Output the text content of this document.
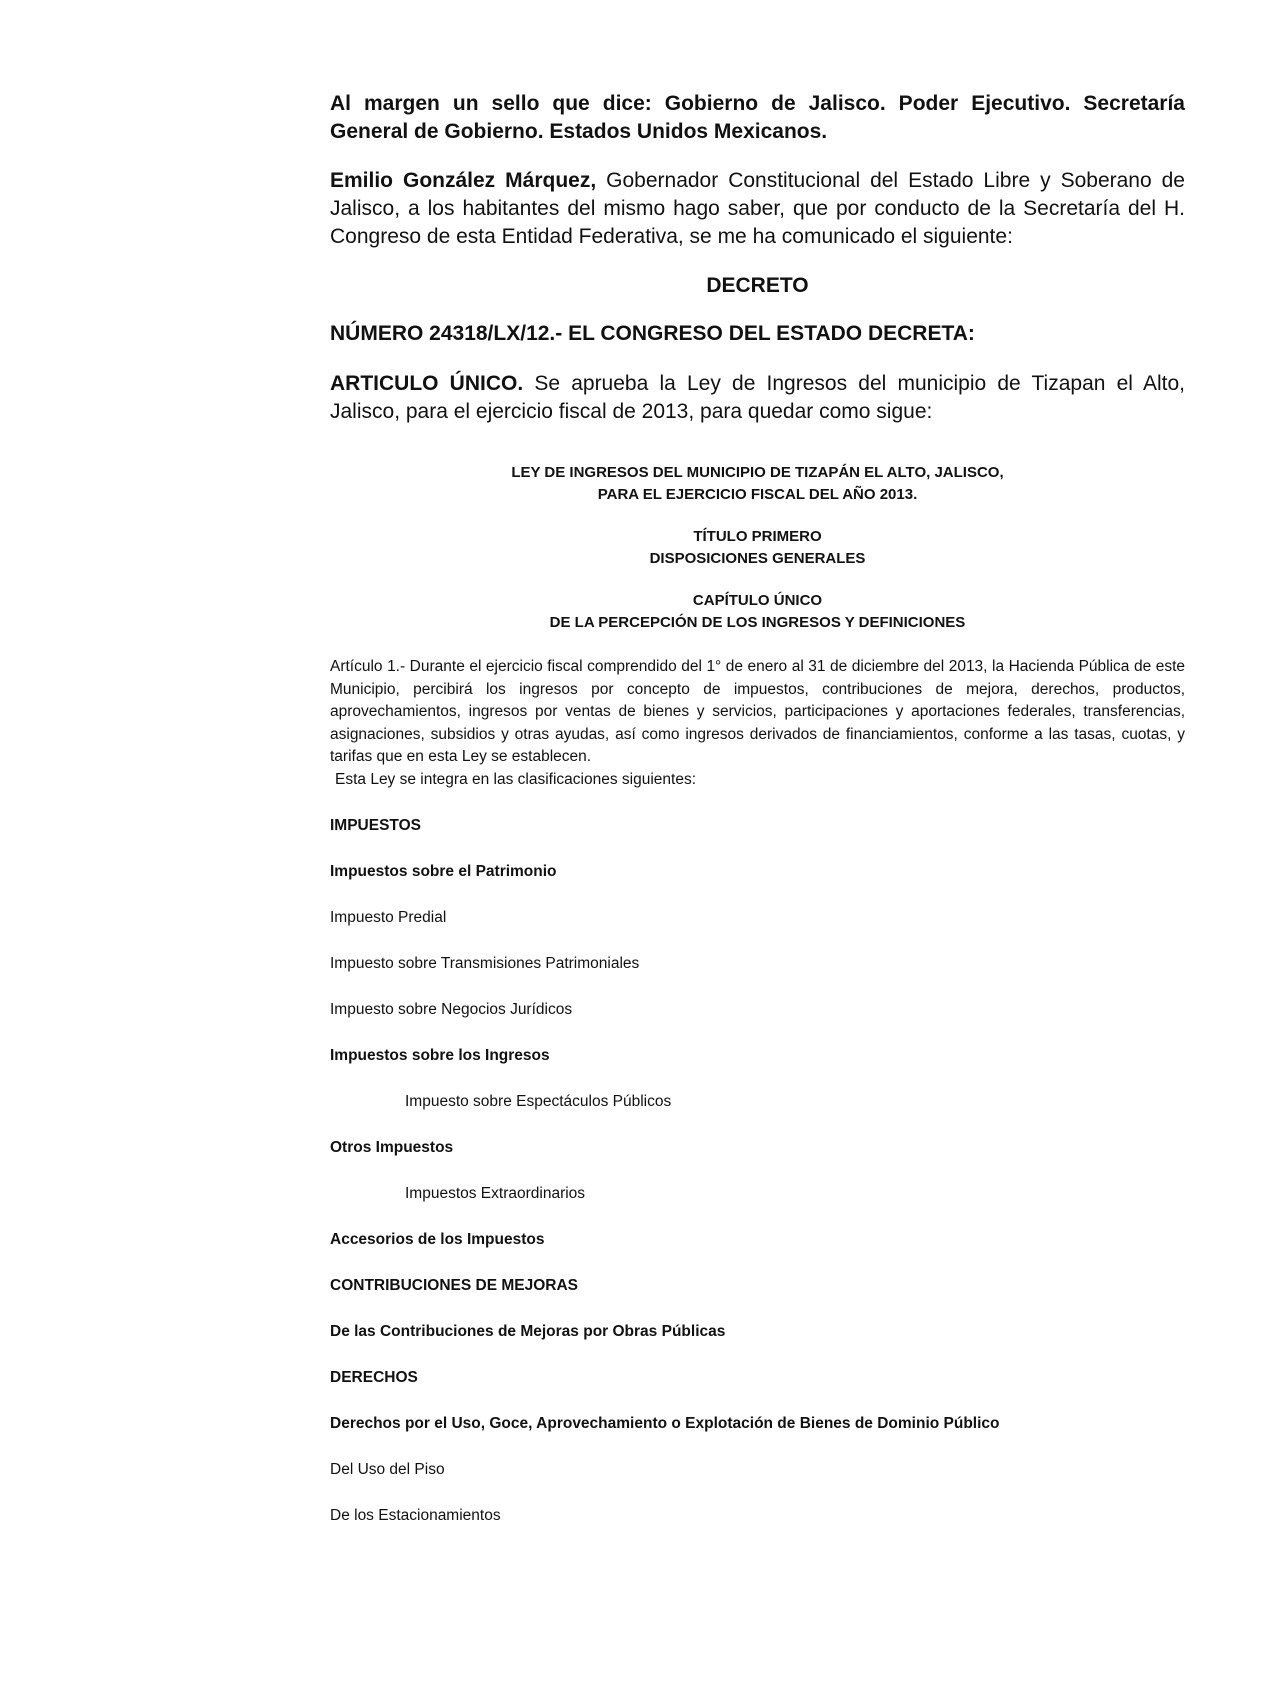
Al margen un sello que dice: Gobierno de Jalisco. Poder Ejecutivo. Secretaría General de Gobierno. Estados Unidos Mexicanos.

Emilio González Márquez, Gobernador Constitucional del Estado Libre y Soberano de Jalisco, a los habitantes del mismo hago saber, que por conducto de la Secretaría del H. Congreso de esta Entidad Federativa, se me ha comunicado el siguiente:

DECRETO

NÚMERO 24318/LX/12.- EL CONGRESO DEL ESTADO DECRETA:

ARTICULO ÚNICO. Se aprueba la Ley de Ingresos del municipio de Tizapan el Alto, Jalisco, para el ejercicio fiscal de 2013, para quedar como sigue:

LEY DE INGRESOS DEL MUNICIPIO DE TIZAPÁN EL ALTO, JALISCO,
PARA EL EJERCICIO FISCAL DEL AÑO 2013.
TÍTULO PRIMERO
DISPOSICIONES GENERALES
CAPÍTULO ÚNICO
DE LA PERCEPCIÓN DE LOS INGRESOS Y DEFINICIONES
Artículo 1.- Durante el ejercicio fiscal comprendido del 1° de enero al 31 de diciembre del 2013, la Hacienda Pública de este Municipio, percibirá los ingresos por concepto de impuestos, contribuciones de mejora, derechos, productos, aprovechamientos, ingresos por ventas de bienes y servicios, participaciones y aportaciones federales, transferencias, asignaciones, subsidios y otras ayudas, así como ingresos derivados de financiamientos, conforme a las tasas, cuotas, y tarifas que en esta Ley se establecen.
Esta Ley se integra en las clasificaciones siguientes:
IMPUESTOS
Impuestos sobre el Patrimonio
Impuesto Predial
Impuesto sobre Transmisiones Patrimoniales
Impuesto sobre Negocios Jurídicos
Impuestos sobre los Ingresos
Impuesto sobre Espectáculos Públicos
Otros Impuestos
Impuestos Extraordinarios
Accesorios de los Impuestos
CONTRIBUCIONES DE MEJORAS
De las Contribuciones de Mejoras por Obras Públicas
DERECHOS
Derechos por el Uso, Goce, Aprovechamiento o Explotación de Bienes de Dominio Público
Del Uso del Piso
De los Estacionamientos
